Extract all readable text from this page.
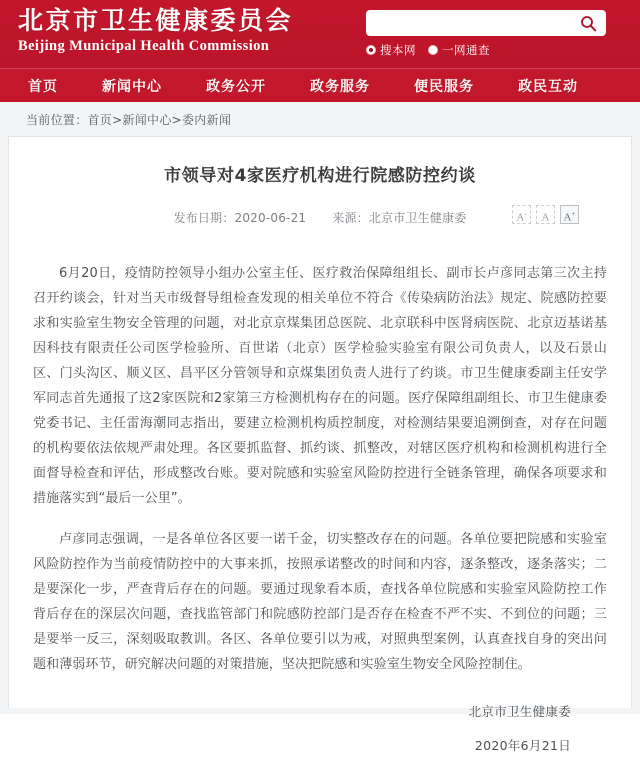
北京市卫生健康委员会
Beijing Municipal Health Commission	搜本网 一网通查
首页	新闻中心	政务公开	政务服务	便民服务	政民互动
当前位置：首页>新闻中心>委内新闻
市领导对4家医疗机构进行院感防控约谈
发布日期：2020-06-21 来源：北京市卫生健康委	A-	A	A+

6月20日，疫情防控领导小组办公室主任、医疗救治保障组组长、副市长卢彦同志第三次主持召开约谈会，针对当天市级督导组检查发现的相关单位不符合《传染病防治法》规定、院感防控要求和实验室生物安全管理的问题，对北京京煤集团总医院、北京联科中医肾病医院、北京迈基诺基因科技有限责任公司医学检验所、百世诺（北京）医学检验实验室有限公司负责人，以及石景山区、门头沟区、顺义区、昌平区分管领导和京煤集团负责人进行了约谈。市卫生健康委副主任安学军同志首先通报了这2家医院和2家第三方检测机构存在的问题。医疗保障组副组长、市卫生健康委党委书记、主任雷海潮同志指出，要建立检测机构质控制度，对检测结果要追溯倒查，对存在问题的机构要依法依规严肃处理。各区要抓监督、抓约谈、抓整改，对辖区医疗机构和检测机构进行全面督导检查和评估，形成整改台账。要对院感和实验室风险防控进行全链条管理，确保各项要求和措施落实到“最后一公里”。

卢彦同志强调，一是各单位各区要一诺千金，切实整改存在的问题。各单位要把院感和实验室风险防控作为当前疫情防控中的大事来抓，按照承诺整改的时间和内容，逐条整改，逐条落实；二是要深化一步，严查背后存在的问题。要通过现象看本质，查找各单位院感和实验室风险防控工作背后存在的深层次问题，查找监管部门和院感防控部门是否存在检查不严不实、不到位的问题；三是要举一反三，深刻吸取教训。各区、各单位要引以为戒，对照典型案例，认真查找自身的突出问题和薄弱环节，研究解决问题的对策措施，坚决把院感和实验室生物安全风险控制住。

北京市卫生健康委
2020年6月21日
